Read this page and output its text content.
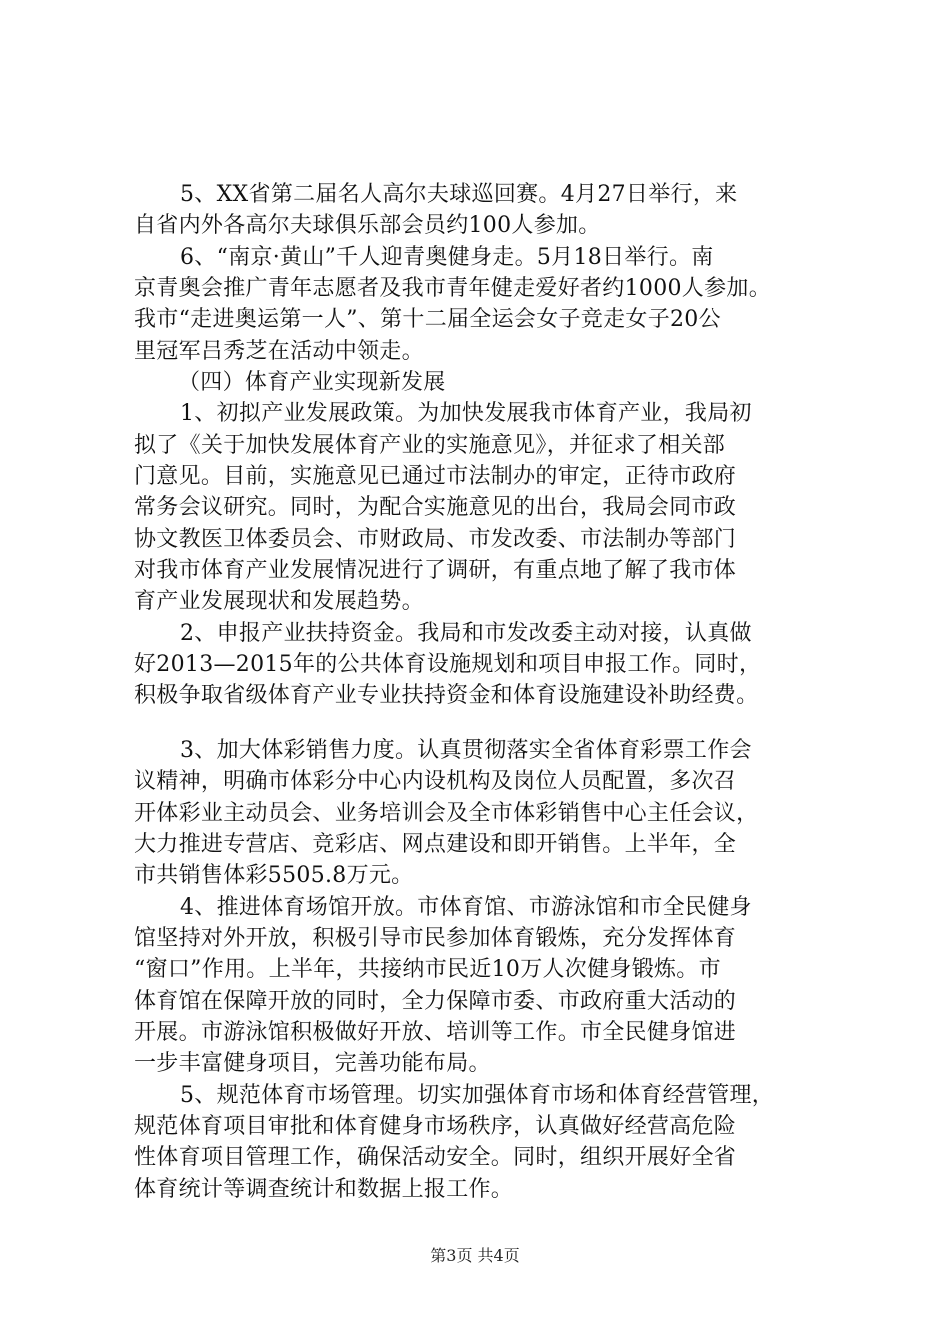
5、XX省第二届名人高尔夫球巡回赛。4月27日举行，来
自省内外各高尔夫球俱乐部会员约100人参加。
6、“南京·黄山”千人迎青奥健身走。5月18日举行。南
京青奥会推广青年志愿者及我市青年健走爱好者约1000人参加。
我市“走进奥运第一人”、第十二届全运会女子竞走女子20公
里冠军吕秀芝在活动中领走。
（四）体育产业实现新发展
1、初拟产业发展政策。为加快发展我市体育产业，我局初
拟了《关于加快发展体育产业的实施意见》，并征求了相关部
门意见。目前，实施意见已通过市法制办的审定，正待市政府
常务会议研究。同时，为配合实施意见的出台，我局会同市政
协文教医卫体委员会、市财政局、市发改委、市法制办等部门
对我市体育产业发展情况进行了调研，有重点地了解了我市体
育产业发展现状和发展趋势。
2、申报产业扶持资金。我局和市发改委主动对接，认真做
好2013—2015年的公共体育设施规划和项目申报工作。同时，
积极争取省级体育产业专业扶持资金和体育设施建设补助经费。
3、加大体彩销售力度。认真贯彻落实全省体育彩票工作会
议精神，明确市体彩分中心内设机构及岗位人员配置，多次召
开体彩业主动员会、业务培训会及全市体彩销售中心主任会议，
大力推进专营店、竞彩店、网点建设和即开销售。上半年，全
市共销售体彩5505.8万元。
4、推进体育场馆开放。市体育馆、市游泳馆和市全民健身
馆坚持对外开放，积极引导市民参加体育锻炼，充分发挥体育
“窗口”作用。上半年，共接纳市民近10万人次健身锻炼。市
体育馆在保障开放的同时，全力保障市委、市政府重大活动的
开展。市游泳馆积极做好开放、培训等工作。市全民健身馆进
一步丰富健身项目，完善功能布局。
5、规范体育市场管理。切实加强体育市场和体育经营管理，
规范体育项目审批和体育健身市场秩序，认真做好经营高危险
性体育项目管理工作，确保活动安全。同时，组织开展好全省
体育统计等调查统计和数据上报工作。
第3页 共4页
